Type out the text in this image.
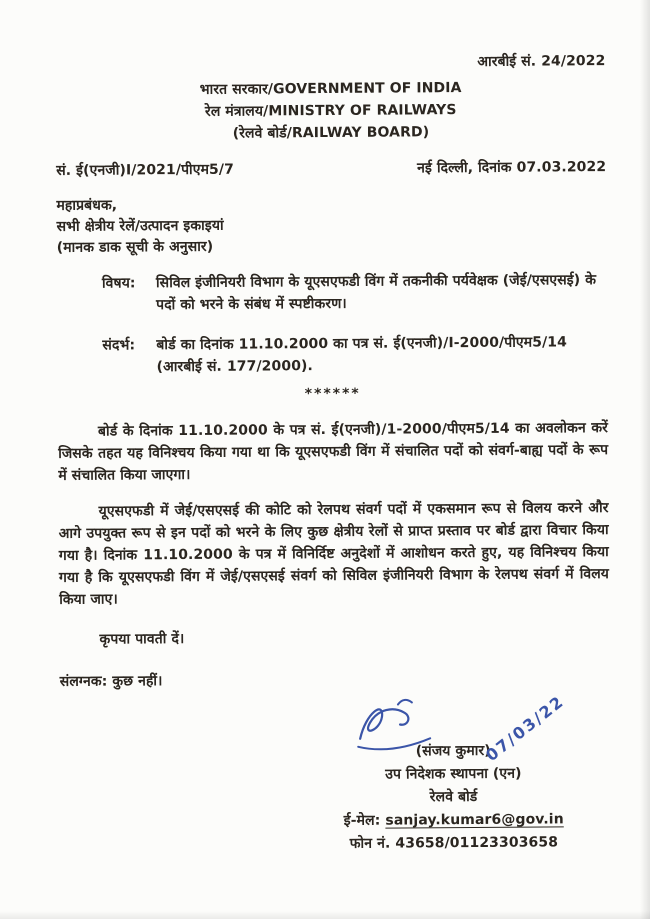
आरबीई सं. 24/2022
भारत सरकार/GOVERNMENT OF INDIA
रेल मंत्रालय/MINISTRY OF RAILWAYS
(रेलवे बोर्ड/RAILWAY BOARD)
सं. ई(एनजी)I/2021/पीएम5/7	नई दिल्ली, दिनांक 07.03.2022
महाप्रबंधक,
सभी क्षेत्रीय रेलें/उत्पादन इकाइयां
(मानक डाक सूची के अनुसार)
विषय:	सिविल इंजीनियरी विभाग के यूएसएफडी विंग में तकनीकी पर्यवेक्षक (जेई/एसएसई) के पदों को भरने के संबंध में स्पष्टीकरण।
संदर्भ:	बोर्ड का दिनांक 11.10.2000 का पत्र सं. ई(एनजी)/I-2000/पीएम5/14
(आरबीई सं. 177/2000).
******
बोर्ड के दिनांक 11.10.2000 के पत्र सं. ई(एनजी)/1-2000/पीएम5/14 का अवलोकन करें जिसके तहत यह विनिश्चय किया गया था कि यूएसएफडी विंग में संचालित पदों को संवर्ग-बाह्य पदों के रूप में संचालित किया जाएगा।
यूएसएफडी में जेई/एसएसई की कोटि को रेलपथ संवर्ग पदों में एकसमान रूप से विलय करने और आगे उपयुक्त रूप से इन पदों को भरने के लिए कुछ क्षेत्रीय रेलों से प्राप्त प्रस्ताव पर बोर्ड द्वारा विचार किया गया है। दिनांक 11.10.2000 के पत्र में विनिर्दिष्ट अनुदेशों में आशोधन करते हुए, यह विनिश्चय किया गया है कि यूएसएफडी विंग में जेई/एसएसई संवर्ग को सिविल इंजीनियरी विभाग के रेलपथ संवर्ग में विलय किया जाए।
कृपया पावती दें।
संलग्नक: कुछ नहीं।
07/03/22
(संजय कुमार)
उप निदेशक स्थापना (एन)
रेलवे बोर्ड
ई-मेल: sanjay.kumar6@gov.in
फोन नं. 43658/01123303658
